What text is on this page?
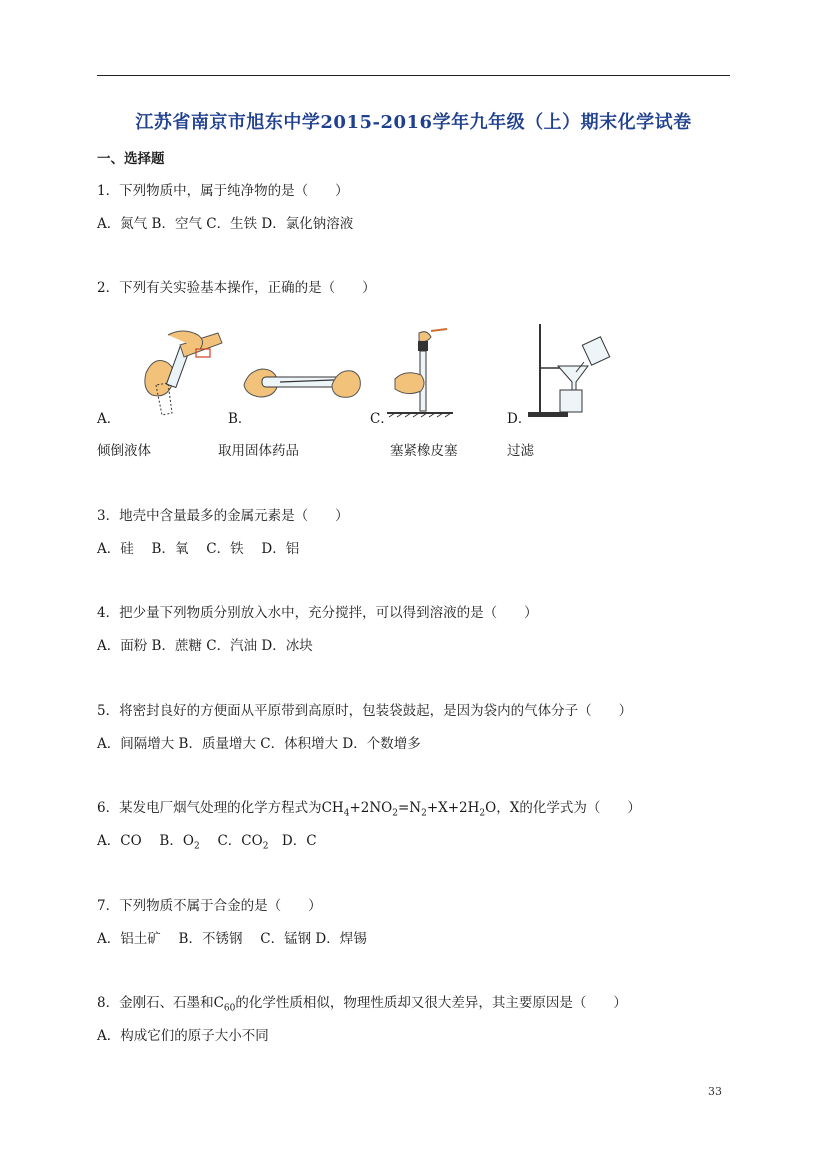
江苏省南京市旭东中学2015-2016学年九年级（上）期末化学试卷
一、选择题
1．下列物质中，属于纯净物的是（　　）
A．氮气 B．空气 C．生铁 D．氯化钠溶液
2．下列有关实验基本操作，正确的是（　　）
A．
倾倒液体
B．
取用固体药品
C．
塞紧橡皮塞
D．
过滤
3．地壳中含量最多的金属元素是（　　）
A．硅　 B．氧　 C．铁　 D．铝
4．把少量下列物质分别放入水中，充分搅拌，可以得到溶液的是（　　）
A．面粉 B．蔗糖 C．汽油 D．冰块
5．将密封良好的方便面从平原带到高原时，包装袋鼓起，是因为袋内的气体分子（　　）
A．间隔增大 B．质量增大 C．体积增大 D．个数增多
6．某发电厂烟气处理的化学方程式为$CH_4+2NO_2=N_2+X+2H_2O$，X的化学式为（　　）
A．CO　 B．$O_2$　 C．$CO_2$　D．C
7．下列物质不属于合金的是（　　）
A．铝土矿　 B．不锈钢　 C．锰钢 D．焊锡
8．金刚石、石墨和$C_{60}$的化学性质相似，物理性质却又很大差异，其主要原因是（　　）
A．构成它们的原子大小不同
33
